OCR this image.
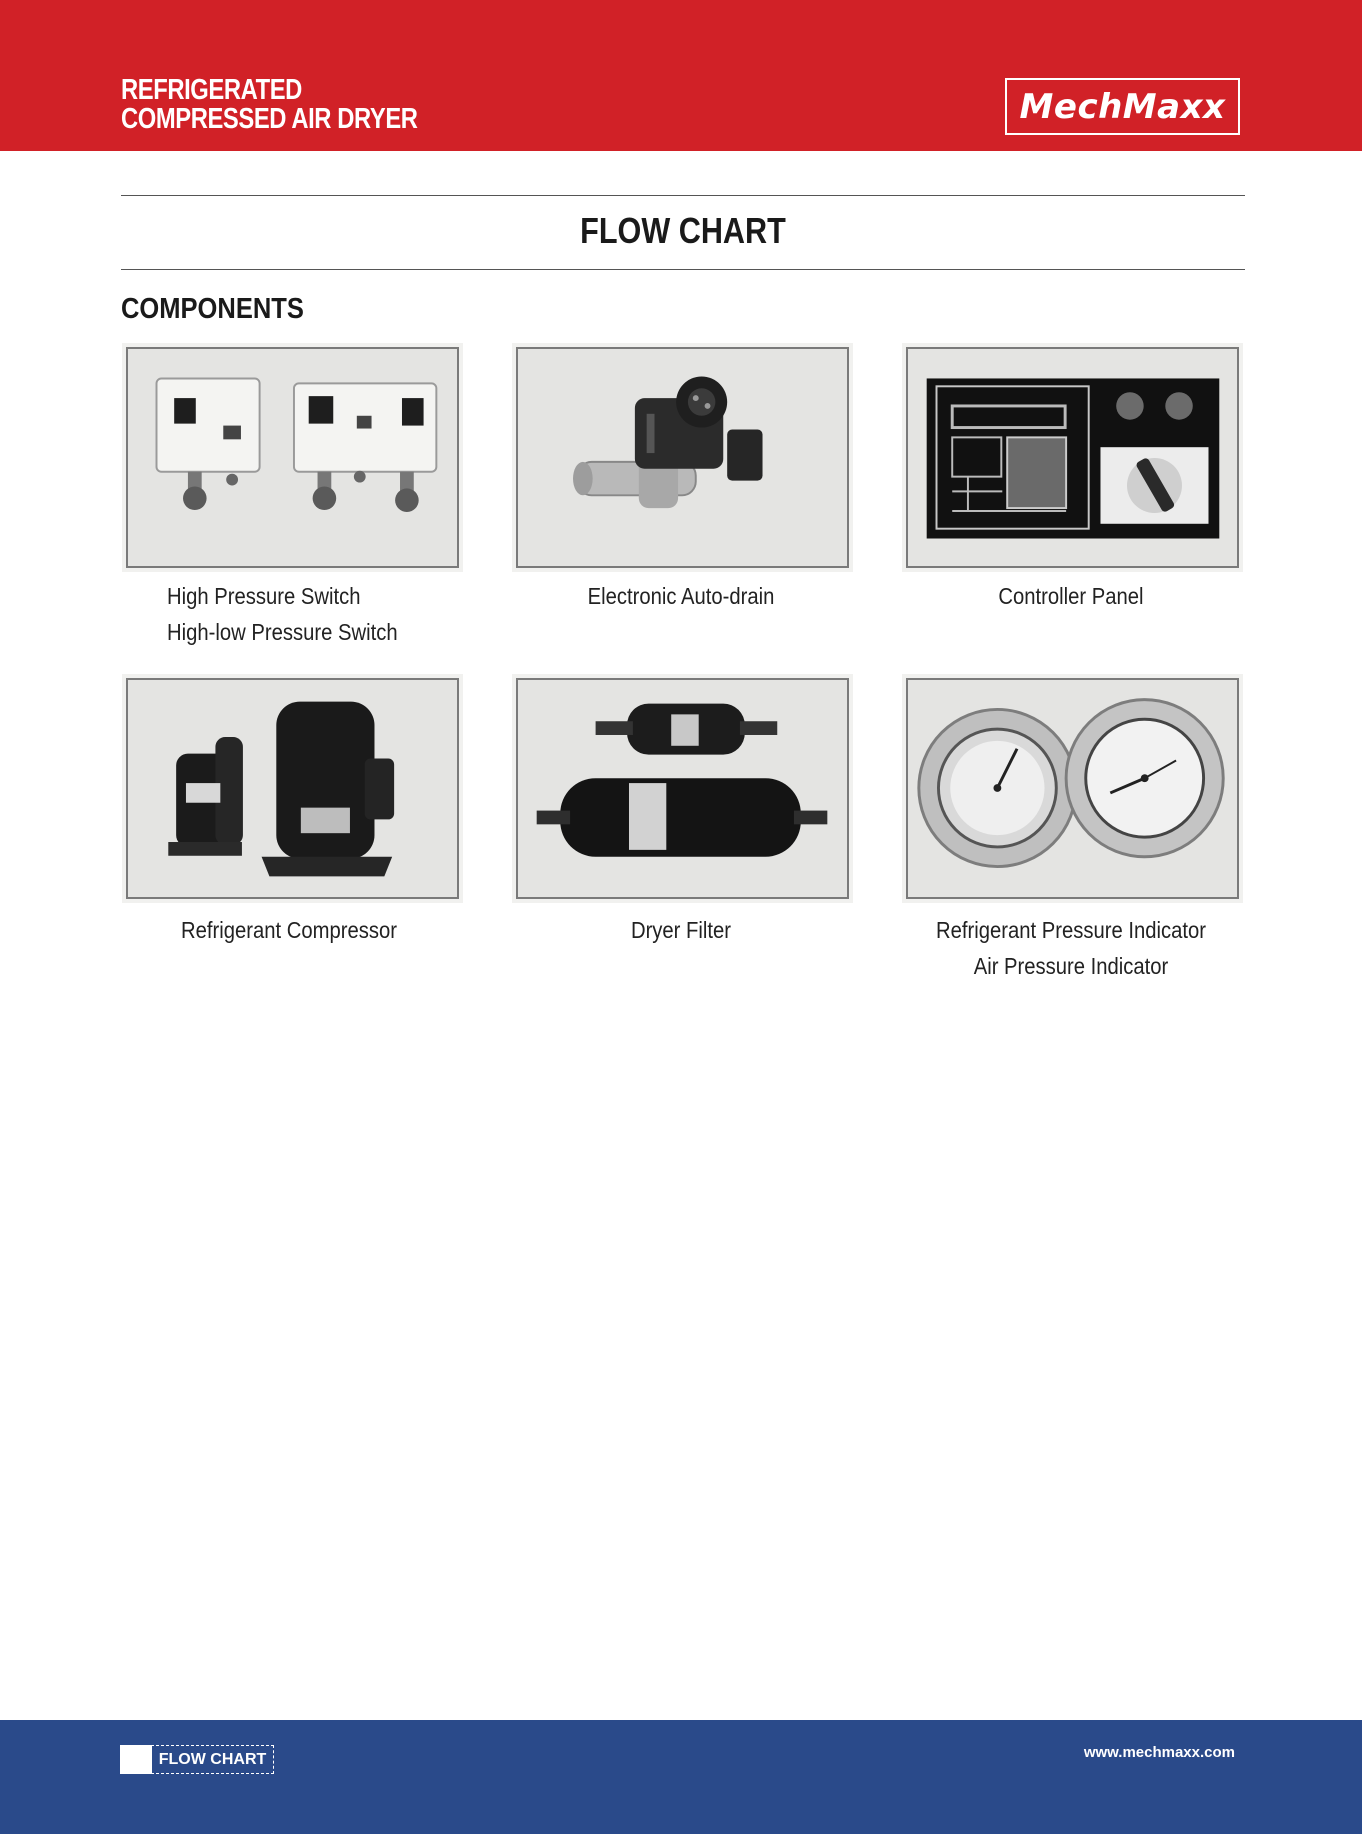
REFRIGERATED
COMPRESSED AIR DRYER	MechMaxx
FLOW CHART
COMPONENTS
High Pressure Switch
High-low Pressure Switch
Electronic Auto-drain	Controller Panel
Refrigerant Compressor	Dryer Filter	Refrigerant Pressure Indicator
Air Pressure Indicator
FLOW CHART	www.mechmaxx.com
